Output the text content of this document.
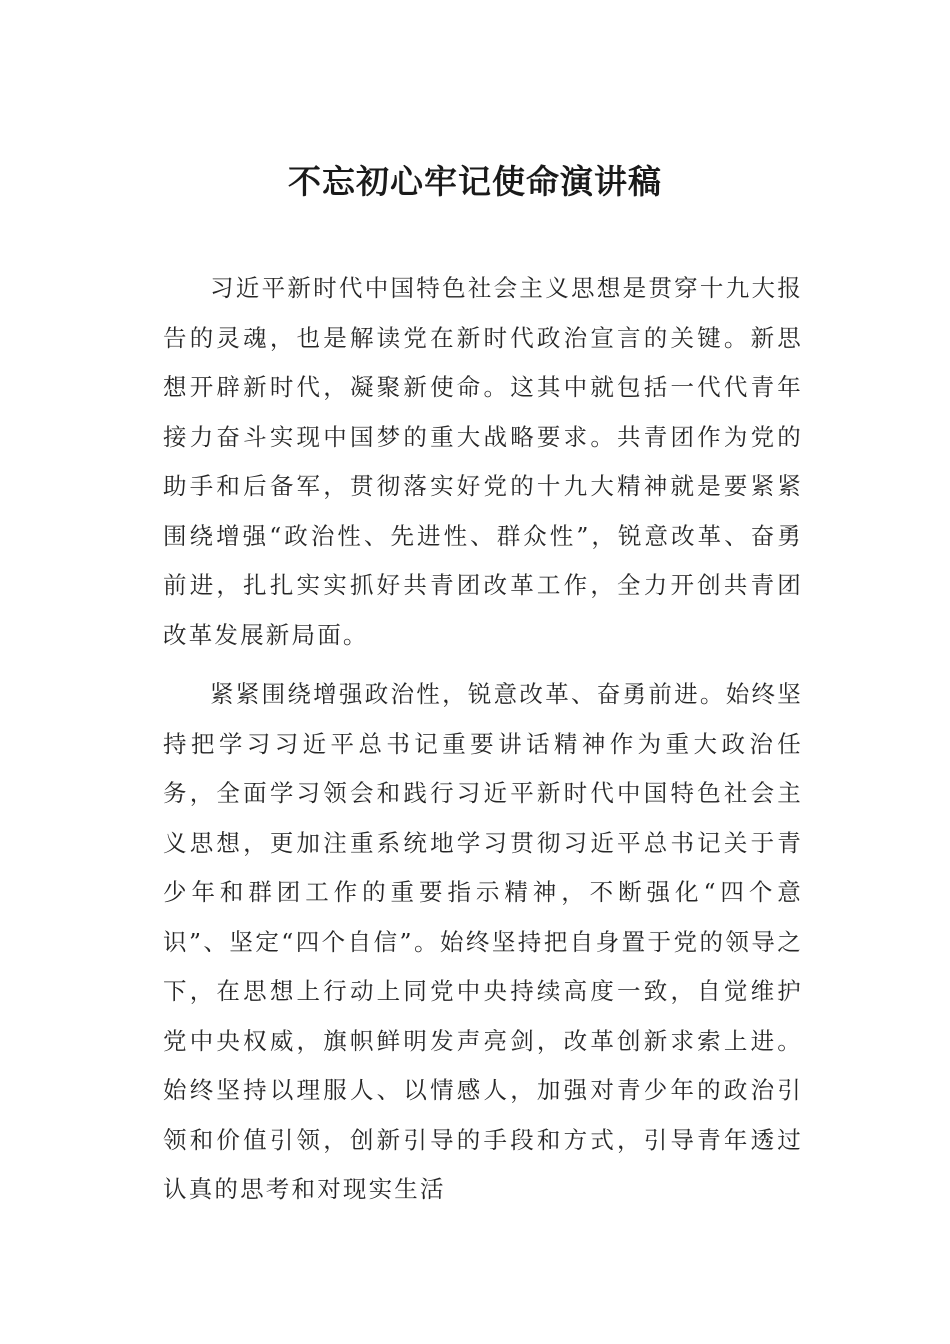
不忘初心牢记使命演讲稿

习近平新时代中国特色社会主义思想是贯穿十九大报告的灵魂，也是解读党在新时代政治宣言的关键。新思想开辟新时代，凝聚新使命。这其中就包括一代代青年接力奋斗实现中国梦的重大战略要求。共青团作为党的助手和后备军，贯彻落实好党的十九大精神就是要紧紧围绕增强“政治性、先进性、群众性”，锐意改革、奋勇前进，扎扎实实抓好共青团改革工作，全力开创共青团改革发展新局面。

紧紧围绕增强政治性，锐意改革、奋勇前进。始终坚持把学习习近平总书记重要讲话精神作为重大政治任务，全面学习领会和践行习近平新时代中国特色社会主义思想，更加注重系统地学习贯彻习近平总书记关于青少年和群团工作的重要指示精神，不断强化“四个意识”、坚定“四个自信”。始终坚持把自身置于党的领导之下，在思想上行动上同党中央持续高度一致，自觉维护党中央权威，旗帜鲜明发声亮剑，改革创新求索上进。始终坚持以理服人、以情感人，加强对青少年的政治引领和价值引领，创新引导的手段和方式，引导青年透过认真的思考和对现实生活
